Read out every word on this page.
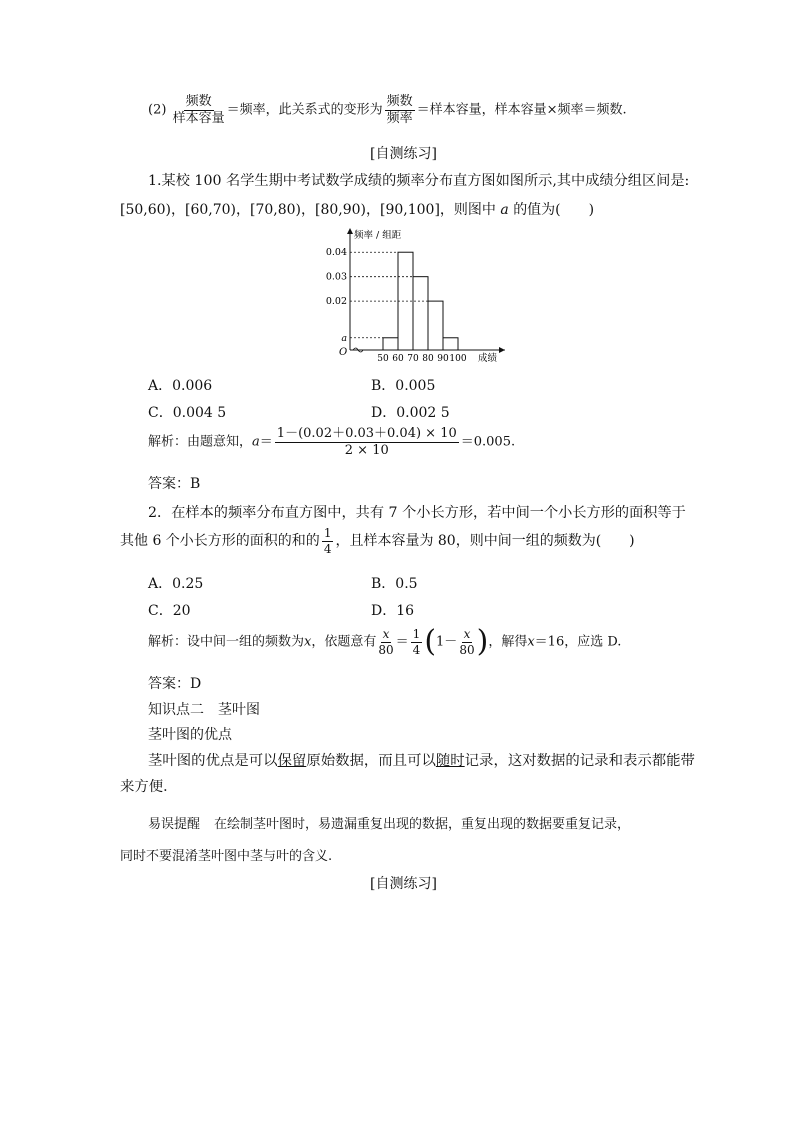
$(2) \frac{\text{频数}}{\text{样本容量}}$ ＝频率，此关系式的变形为 $\frac{\text{频数}}{\text{频率}}$ ＝样本容量，样本容量×频率＝频数.
[自测练习]
1.某校 100 名学生期中考试数学成绩的频率分布直方图如图所示,其中成绩分组区间是:
[50,60)，[60,70)，[70,80)，[80,90)，[90,100]，则图中 a 的值为(　　)
频率 / 组距
成绩
O
0.04
0.03
0.02
a
50 60 70 80 90 100
A．0.006	B．0.005
C．0.004 5	D．0.002 5
解析：由题意知，$a= \frac{1-(0.02+0.03+0.04) \times 10}{2 \times 10} =0.005$.
答案：B
2．在样本的频率分布直方图中，共有 7 个小长方形，若中间一个小长方形的面积等于
其他 6 个小长方形的面积的和的 $\frac{1}{4}$ ，且样本容量为 80，则中间一组的频数为(　　)
A．0.25	B．0.5
C．20	D．16
解析：设中间一组的频数为x，依题意有 $\frac{x}{80} = \frac{1}{4} (1- \frac{x}{80}$ )，解得x＝16，应选 D.
答案：D
知识点二　茎叶图
茎叶图的优点
茎叶图的优点是可以保留原始数据，而且可以随时记录，这对数据的记录和表示都能带
来方便．
易误提醒 在绘制茎叶图时，易遗漏重复出现的数据，重复出现的数据要重复记录，
同时不要混淆茎叶图中茎与叶的含义.
[自测练习]
